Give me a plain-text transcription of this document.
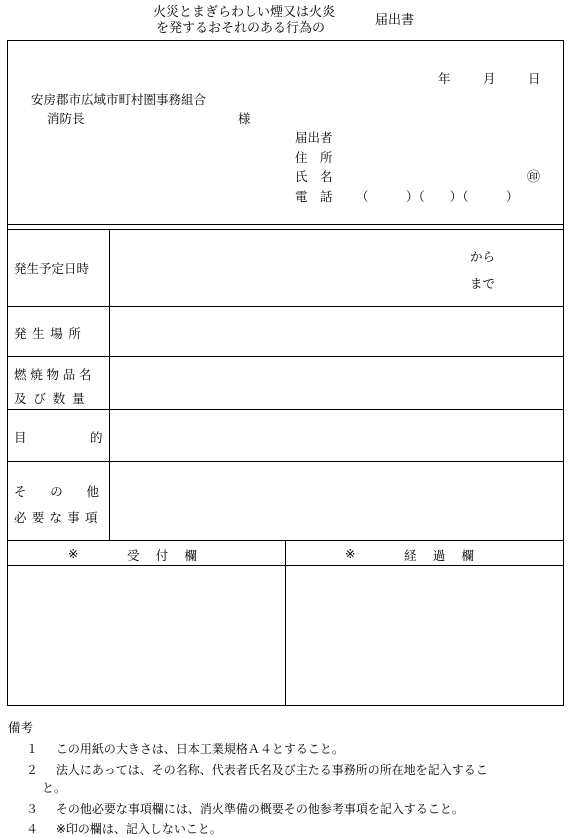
火災とまぎらわしい煙又は火炎
を発するおそれのある行為の
届出書
年	月	日
安房郡市広域市町村圏事務組合
消防長	様
届出者
住　所
氏　名	㊞
電　話 （　　　）（　　）（　　　）
発生予定日時
から
まで
発生場所
燃焼物品名
及び数量
目	的
その他
必要な事項
※	受　付　欄	※	経　過　欄
備考
１ この用紙の大きさは、日本工業規格Ａ４とすること。
２ 法人にあっては、その名称、代表者氏名及び主たる事務所の所在地を記入するこ
と。
３ その他必要な事項欄には、消火準備の概要その他参考事項を記入すること。
４ ※印の欄は、記入しないこと。
